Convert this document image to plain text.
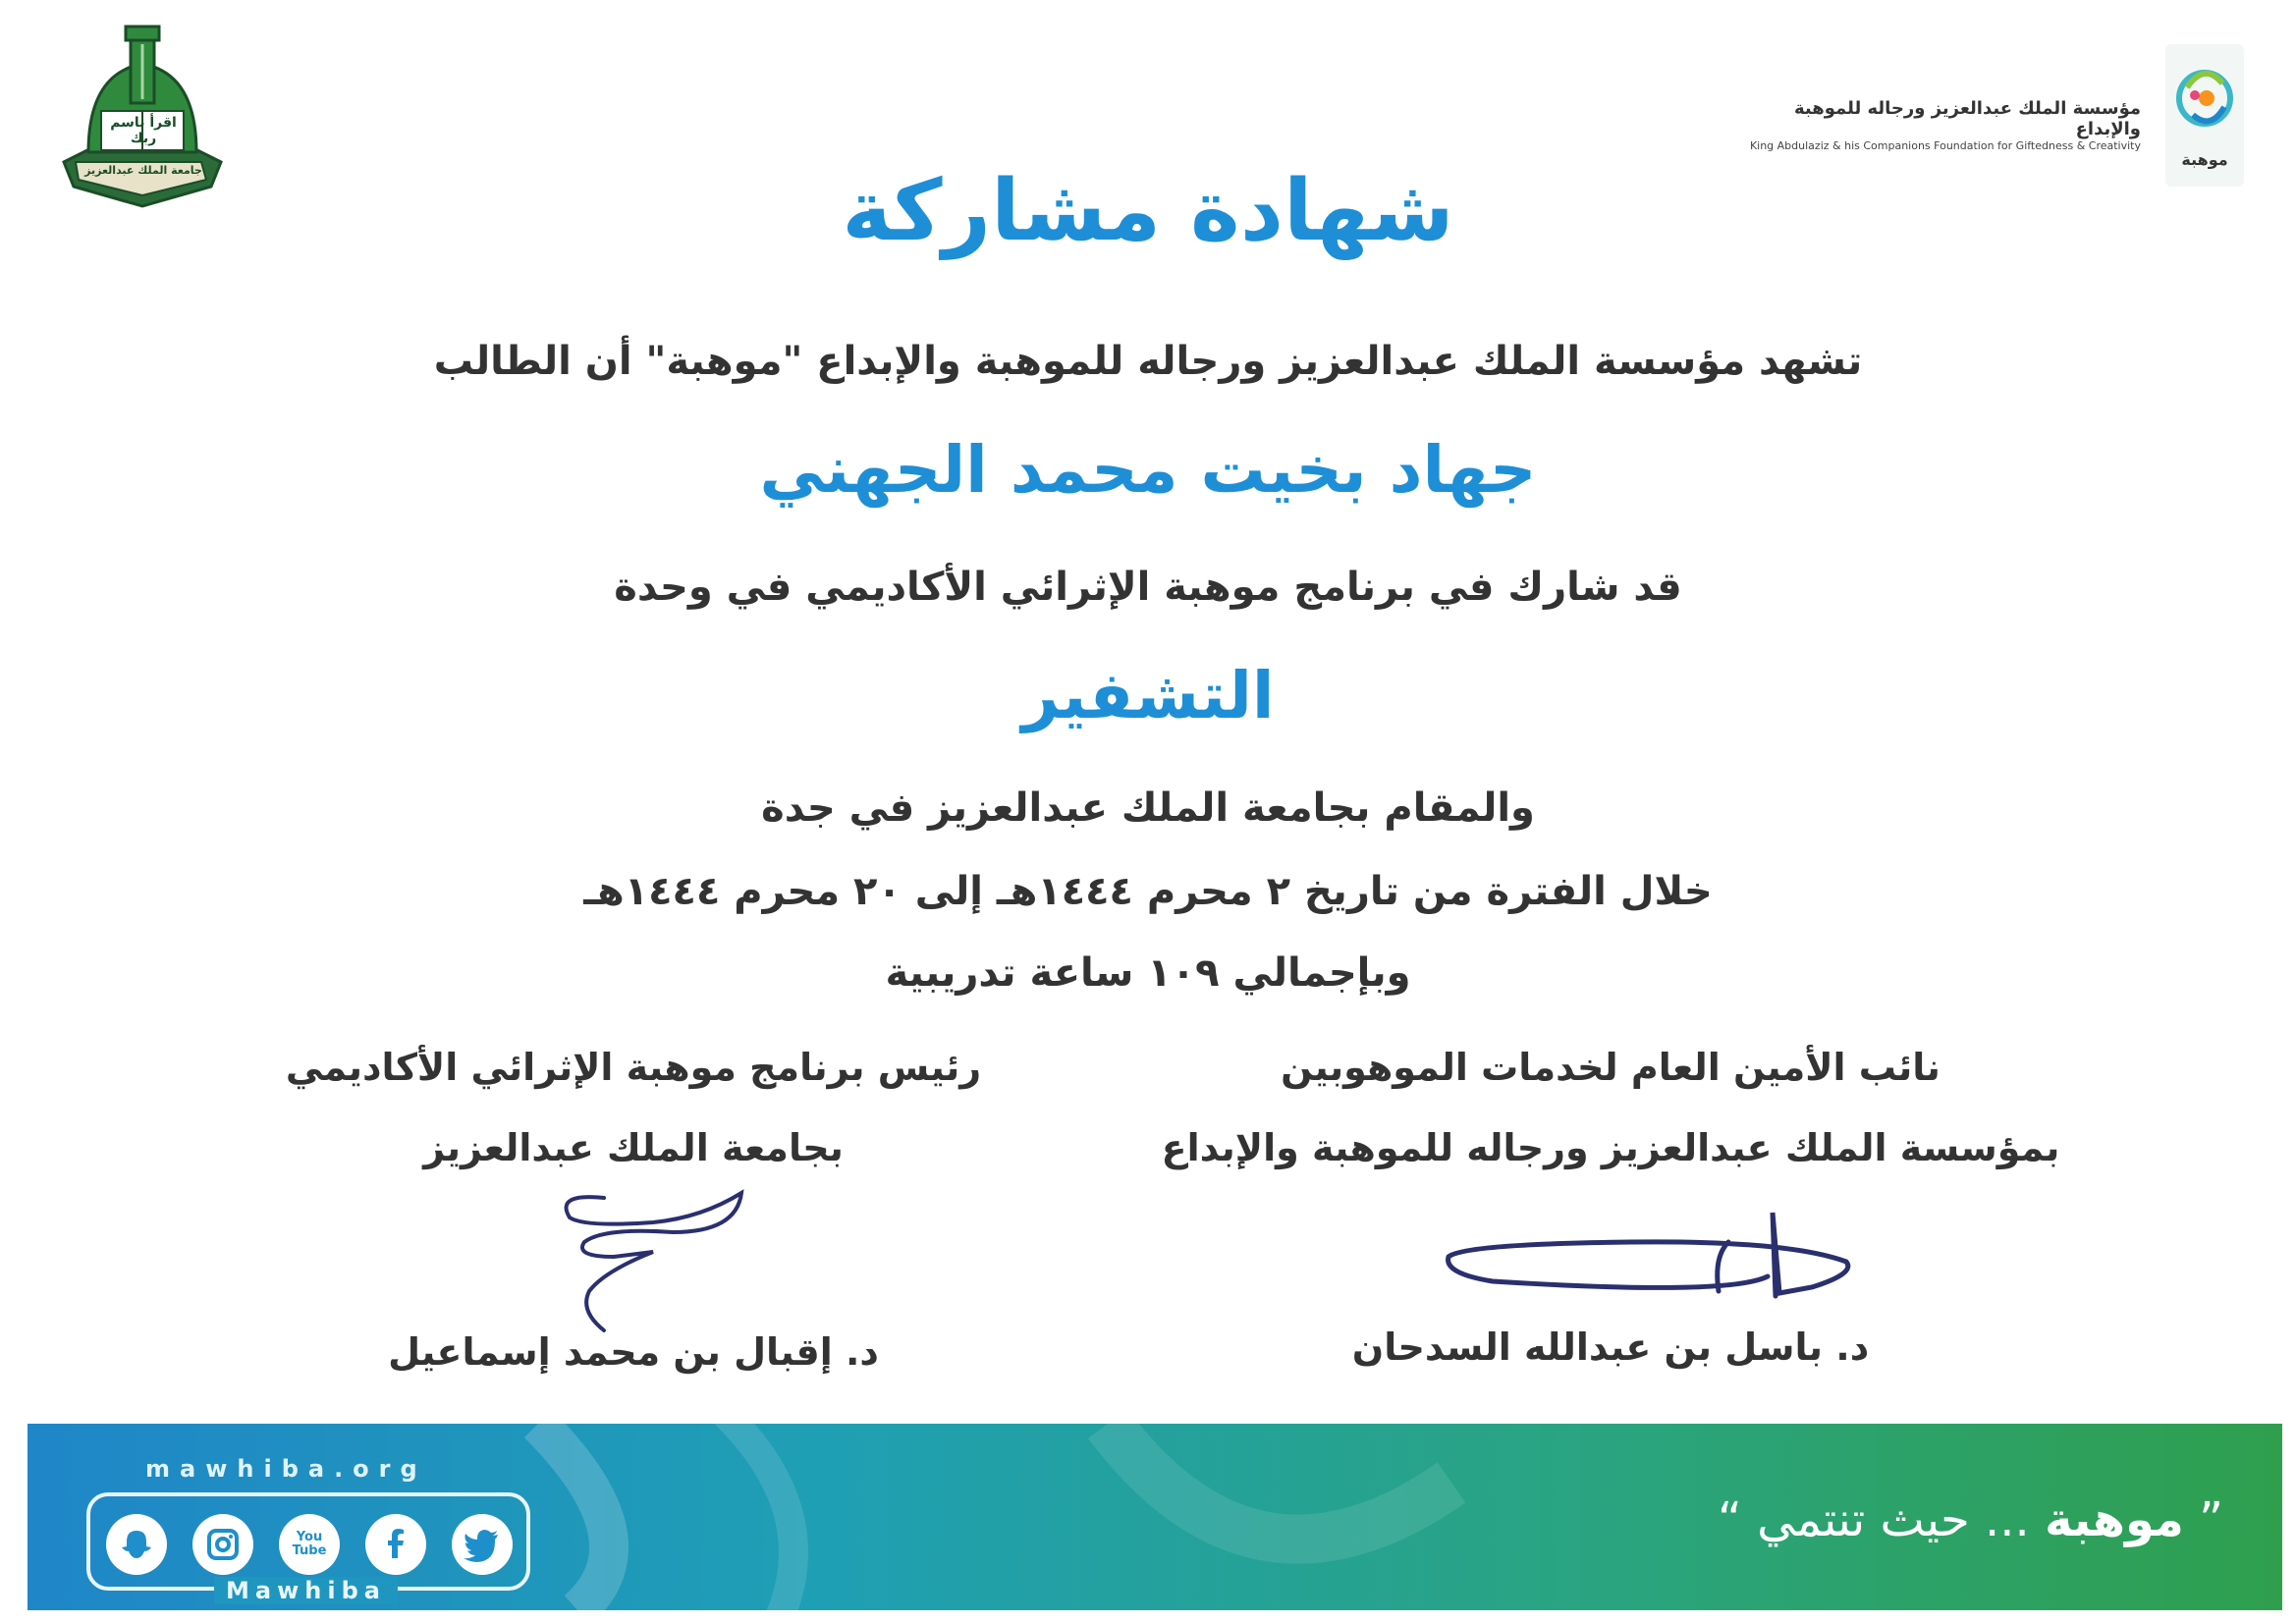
اقرأ باسم ربك
جامعة الملك عبدالعزيز
مؤسسة الملك عبدالعزيز ورجاله للموهبة والإبداع
King Abdulaziz & his Companions Foundation for Giftedness & Creativity
موهبة
شهادة مشاركة
تشهد مؤسسة الملك عبدالعزيز ورجاله للموهبة والإبداع "موهبة" أن الطالب
جهاد بخيت محمد الجهني
قد شارك في برنامج موهبة الإثرائي الأكاديمي في وحدة
التشفير
والمقام بجامعة الملك عبدالعزيز في جدة
خلال الفترة من تاريخ ٢ محرم ١٤٤٤هـ إلى ٢٠ محرم ١٤٤٤هـ
وبإجمالي ١٠٩ ساعة تدريبية
نائب الأمين العام لخدمات الموهوبين
بمؤسسة الملك عبدالعزيز ورجاله للموهبة والإبداع
د. باسل بن عبدالله السدحان
رئيس برنامج موهبة الإثرائي الأكاديمي
بجامعة الملك عبدالعزيز
د. إقبال بن محمد إسماعيل
mawhiba.org
You Tube
Mawhiba
” موهبة ... حيث تنتمي “
